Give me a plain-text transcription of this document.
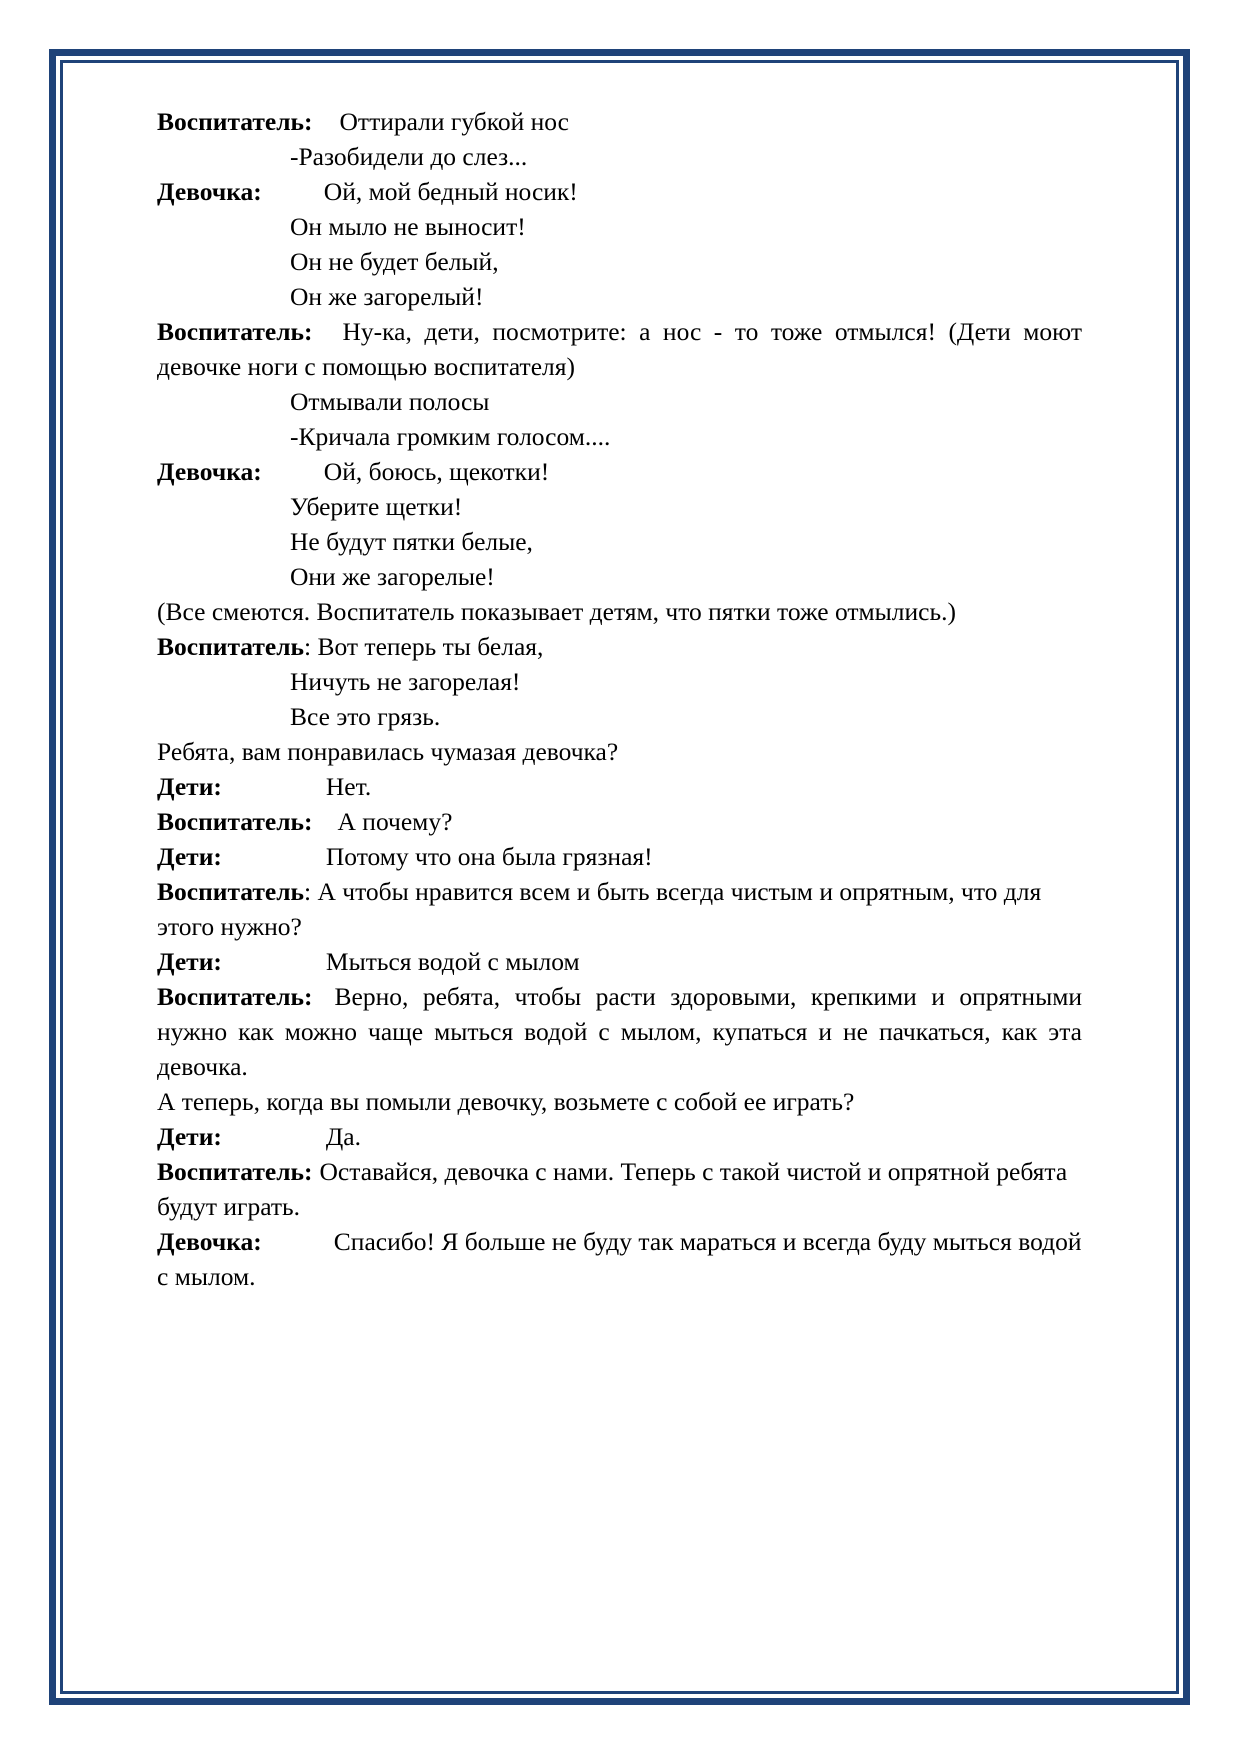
Воспитатель: Оттирали губкой нос

-Разобидели до слез...

Девочка: Ой, мой бедный носик!

Он мыло не выносит!

Он не будет белый,

Он же загорелый!

Воспитатель: Ну-ка, дети, посмотрите: а нос - то тоже отмылся! (Дети моют девочке ноги с помощью воспитателя)

Отмывали полосы

-Кричала громким голосом....

Девочка: Ой, боюсь, щекотки!

Уберите щетки!

Не будут пятки белые,

Они же загорелые!

(Все смеются. Воспитатель показывает детям, что пятки тоже отмылись.)

Воспитатель: Вот теперь ты белая,

Ничуть не загорелая!

Все это грязь.

Ребята, вам понравилась чумазая девочка?

Дети:	Нет.

Воспитатель: А почему?

Дети:	Потому что она была грязная!

Воспитатель: А чтобы нравится всем и быть всегда чистым и опрятным, что для этого нужно?

Дети:	Мыться водой с мылом

Воспитатель: Верно, ребята, чтобы расти здоровыми, крепкими и опрятными нужно как можно чаще мыться водой с мылом, купаться и не пачкаться, как эта девочка.

А теперь, когда вы помыли девочку, возьмете с собой ее играть?

Дети:	Да.

Воспитатель: Оставайся, девочка с нами. Теперь с такой чистой и опрятной ребята будут играть.

Девочка:	Спасибо! Я больше не буду так мараться и всегда буду мыться водой с мылом.
